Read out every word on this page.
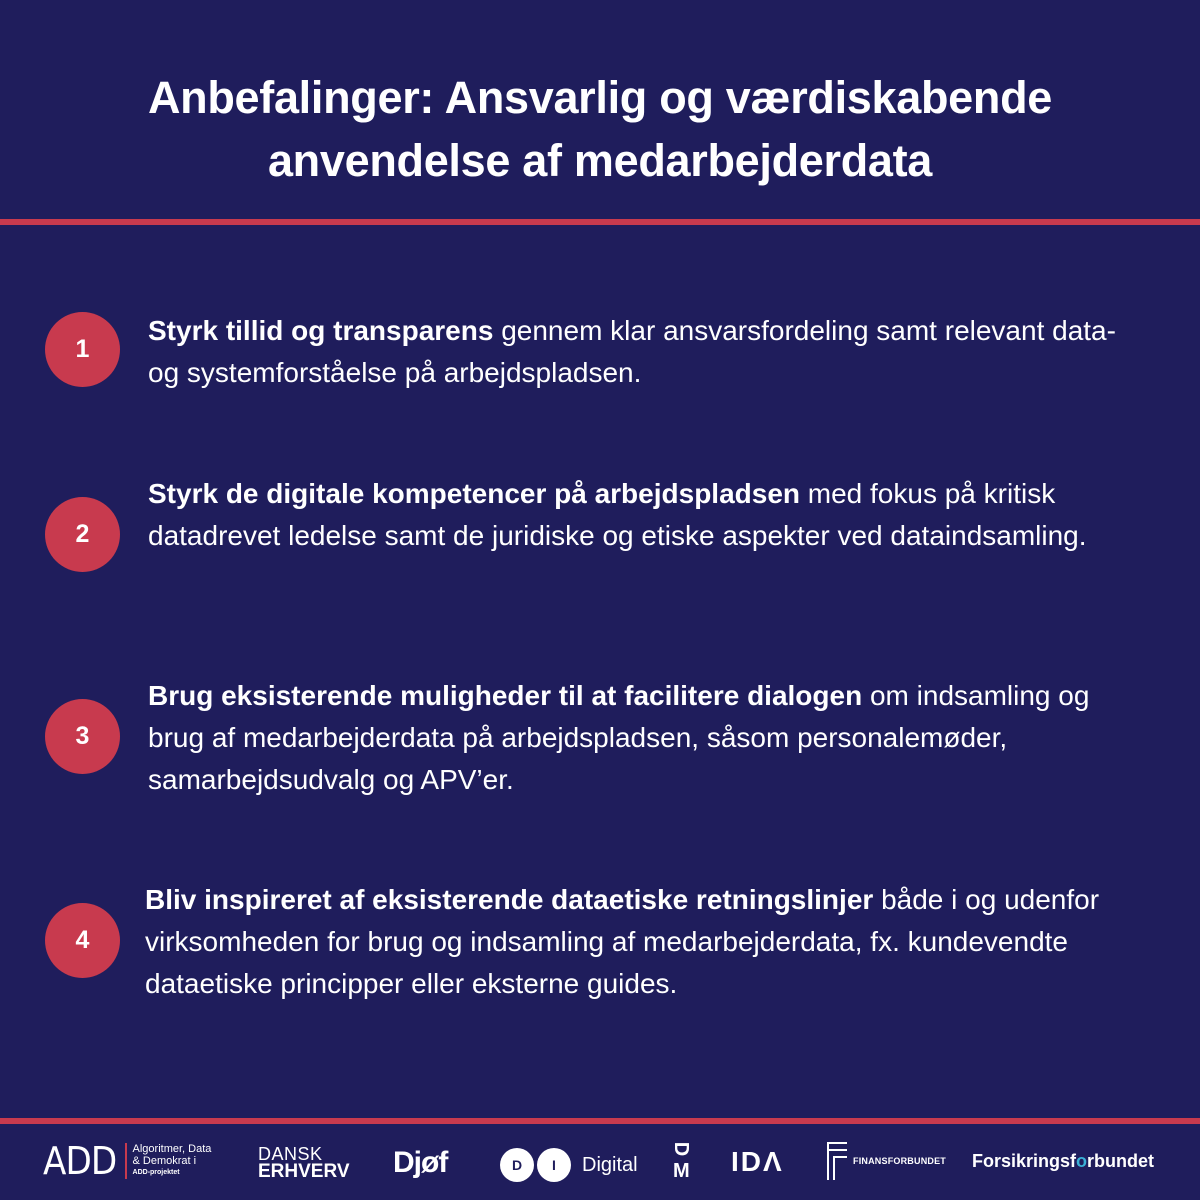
Anbefalinger: Ansvarlig og værdiskabende
anvendelse af medarbejderdata
1

Styrk tillid og transparens gennem klar ansvarsfordeling samt relevant data-og systemforståelse på arbejdspladsen.

2

Styrk de digitale kompetencer på arbejdspladsen med fokus på kritisk datadrevet ledelse samt de juridiske og etiske aspekter ved dataindsamling.

3

Brug eksisterende muligheder til at facilitere dialogen om indsamling og brug af medarbejderdata på arbejdspladsen, såsom personalemøder, samarbejdsudvalg og APV’er.

4

Bliv inspireret af eksisterende dataetiske retningslinjer både i og udenfor virksomheden for brug og indsamling af medarbejderdata, fx. kundevendte dataetiske principper eller eksterne guides.

ADD Algoritmer, Data
& Demokrat i
ADD-projektet
DANSK
ERHVERV Djøf	D	I	Digital
D
M IDΛ	FINANSFORBUNDET Forsikringsforbundet
